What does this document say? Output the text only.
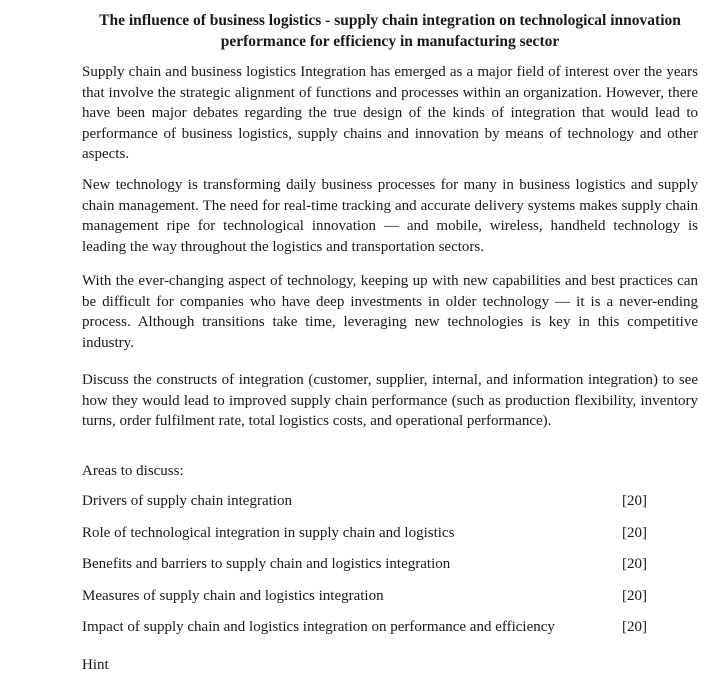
The influence of business logistics - supply chain integration on technological innovation performance for efficiency in manufacturing sector

Supply chain and business logistics Integration has emerged as a major field of interest over the years that involve the strategic alignment of functions and processes within an organization. However, there have been major debates regarding the true design of the kinds of integration that would lead to performance of business logistics, supply chains and innovation by means of technology and other aspects.

New technology is transforming daily business processes for many in business logistics and supply chain management. The need for real-time tracking and accurate delivery systems makes supply chain management ripe for technological innovation — and mobile, wireless, handheld technology is leading the way throughout the logistics and transportation sectors.

With the ever-changing aspect of technology, keeping up with new capabilities and best practices can be difficult for companies who have deep investments in older technology — it is a never-ending process. Although transitions take time, leveraging new technologies is key in this competitive industry.

Discuss the constructs of integration (customer, supplier, internal, and information integration) to see how they would lead to improved supply chain performance (such as production flexibility, inventory turns, order fulfilment rate, total logistics costs, and operational performance).

Areas to discuss:
Drivers of supply chain integration	[20]
Role of technological integration in supply chain and logistics	[20]
Benefits and barriers to supply chain and logistics integration	[20]
Measures of supply chain and logistics integration	[20]
Impact of supply chain and logistics integration on performance and efficiency	[20]
Hint
